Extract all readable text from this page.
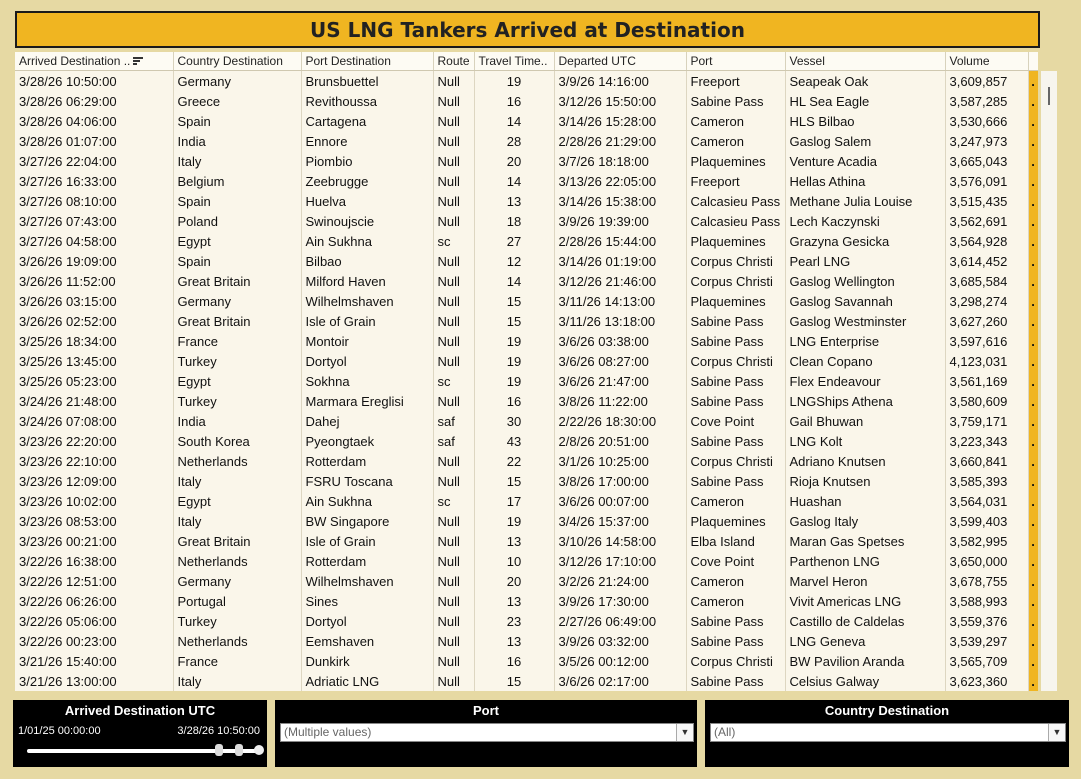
US LNG Tankers Arrived at Destination
Arrived Destination ..	Country Destination	Port Destination	Route	Travel Time..	Departed UTC	Port	Vessel	Volume	
3/28/26 10:50:00	Germany	Brunsbuettel	Null	19	3/9/26 14:16:00	Freeport	Seapeak Oak	3,609,857	.
3/28/26 06:29:00	Greece	Revithoussa	Null	16	3/12/26 15:50:00	Sabine Pass	HL Sea Eagle	3,587,285	.
3/28/26 04:06:00	Spain	Cartagena	Null	14	3/14/26 15:28:00	Cameron	HLS Bilbao	3,530,666	.
3/28/26 01:07:00	India	Ennore	Null	28	2/28/26 21:29:00	Cameron	Gaslog Salem	3,247,973	.
3/27/26 22:04:00	Italy	Piombio	Null	20	3/7/26 18:18:00	Plaquemines	Venture Acadia	3,665,043	.
3/27/26 16:33:00	Belgium	Zeebrugge	Null	14	3/13/26 22:05:00	Freeport	Hellas Athina	3,576,091	.
3/27/26 08:10:00	Spain	Huelva	Null	13	3/14/26 15:38:00	Calcasieu Pass	Methane Julia Louise	3,515,435	.
3/27/26 07:43:00	Poland	Swinoujscie	Null	18	3/9/26 19:39:00	Calcasieu Pass	Lech Kaczynski	3,562,691	.
3/27/26 04:58:00	Egypt	Ain Sukhna	sc	27	2/28/26 15:44:00	Plaquemines	Grazyna Gesicka	3,564,928	.
3/26/26 19:09:00	Spain	Bilbao	Null	12	3/14/26 01:19:00	Corpus Christi	Pearl LNG	3,614,452	.
3/26/26 11:52:00	Great Britain	Milford Haven	Null	14	3/12/26 21:46:00	Corpus Christi	Gaslog Wellington	3,685,584	.
3/26/26 03:15:00	Germany	Wilhelmshaven	Null	15	3/11/26 14:13:00	Plaquemines	Gaslog Savannah	3,298,274	.
3/26/26 02:52:00	Great Britain	Isle of Grain	Null	15	3/11/26 13:18:00	Sabine Pass	Gaslog Westminster	3,627,260	.
3/25/26 18:34:00	France	Montoir	Null	19	3/6/26 03:38:00	Sabine Pass	LNG Enterprise	3,597,616	.
3/25/26 13:45:00	Turkey	Dortyol	Null	19	3/6/26 08:27:00	Corpus Christi	Clean Copano	4,123,031	.
3/25/26 05:23:00	Egypt	Sokhna	sc	19	3/6/26 21:47:00	Sabine Pass	Flex Endeavour	3,561,169	.
3/24/26 21:48:00	Turkey	Marmara Ereglisi	Null	16	3/8/26 11:22:00	Sabine Pass	LNGShips Athena	3,580,609	.
3/24/26 07:08:00	India	Dahej	saf	30	2/22/26 18:30:00	Cove Point	Gail Bhuwan	3,759,171	.
3/23/26 22:20:00	South Korea	Pyeongtaek	saf	43	2/8/26 20:51:00	Sabine Pass	LNG Kolt	3,223,343	.
3/23/26 22:10:00	Netherlands	Rotterdam	Null	22	3/1/26 10:25:00	Corpus Christi	Adriano Knutsen	3,660,841	.
3/23/26 12:09:00	Italy	FSRU Toscana	Null	15	3/8/26 17:00:00	Sabine Pass	Rioja Knutsen	3,585,393	.
3/23/26 10:02:00	Egypt	Ain Sukhna	sc	17	3/6/26 00:07:00	Cameron	Huashan	3,564,031	.
3/23/26 08:53:00	Italy	BW Singapore	Null	19	3/4/26 15:37:00	Plaquemines	Gaslog Italy	3,599,403	.
3/23/26 00:21:00	Great Britain	Isle of Grain	Null	13	3/10/26 14:58:00	Elba Island	Maran Gas Spetses	3,582,995	.
3/22/26 16:38:00	Netherlands	Rotterdam	Null	10	3/12/26 17:10:00	Cove Point	Parthenon LNG	3,650,000	.
3/22/26 12:51:00	Germany	Wilhelmshaven	Null	20	3/2/26 21:24:00	Cameron	Marvel Heron	3,678,755	.
3/22/26 06:26:00	Portugal	Sines	Null	13	3/9/26 17:30:00	Cameron	Vivit Americas LNG	3,588,993	.
3/22/26 05:06:00	Turkey	Dortyol	Null	23	2/27/26 06:49:00	Sabine Pass	Castillo de Caldelas	3,559,376	.
3/22/26 00:23:00	Netherlands	Eemshaven	Null	13	3/9/26 03:32:00	Sabine Pass	LNG Geneva	3,539,297	.
3/21/26 15:40:00	France	Dunkirk	Null	16	3/5/26 00:12:00	Corpus Christi	BW Pavilion Aranda	3,565,709	.
3/21/26 13:00:00	Italy	Adriatic LNG	Null	15	3/6/26 02:17:00	Sabine Pass	Celsius Galway	3,623,360	.
Arrived Destination UTC
1/01/25 00:00:00	3/28/26 10:50:00
Port
(Multiple values)	▼
Country Destination
(All)	▼
